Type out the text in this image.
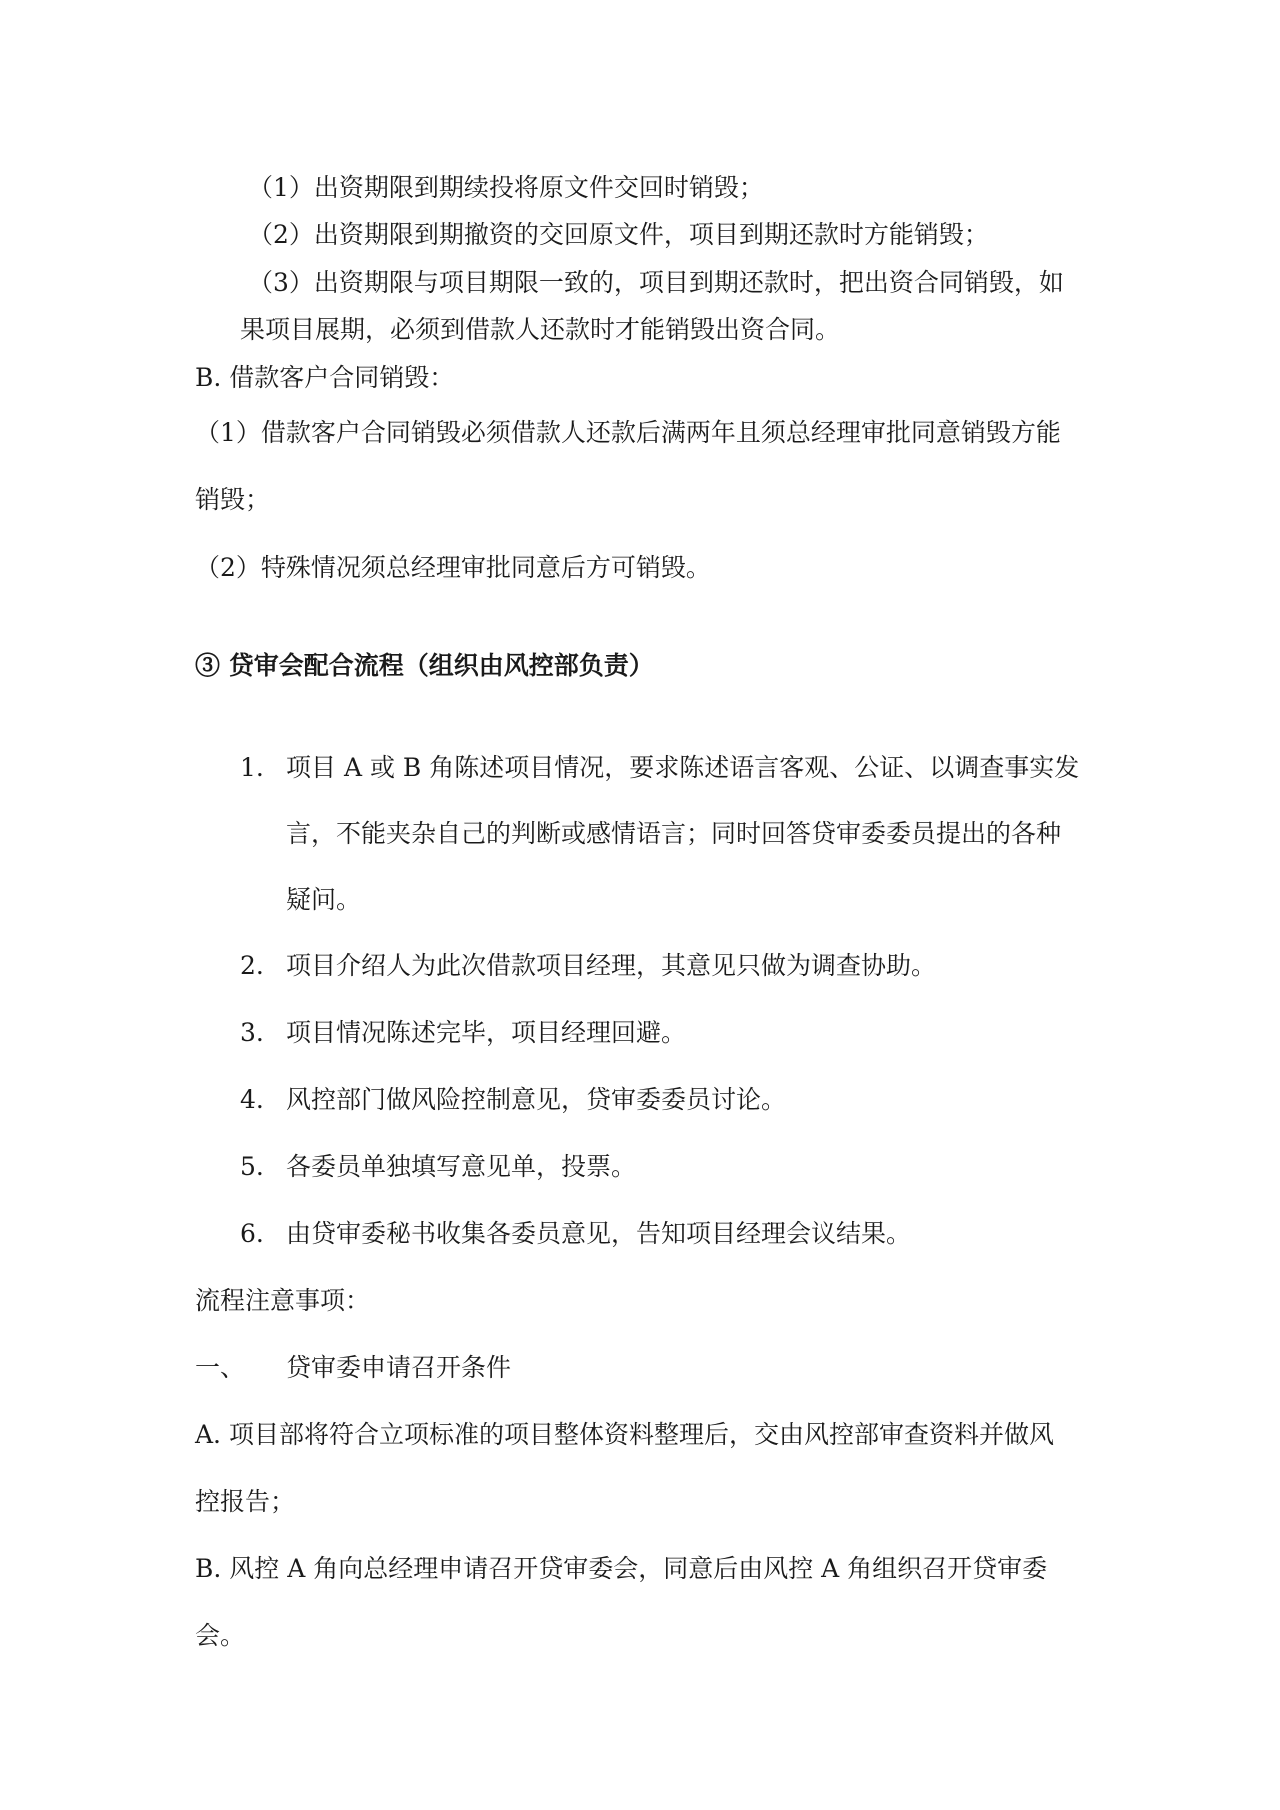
（1）出资期限到期续投将原文件交回时销毁；
（2）出资期限到期撤资的交回原文件，项目到期还款时方能销毁；
（3）出资期限与项目期限一致的，项目到期还款时，把出资合同销毁，如
果项目展期，必须到借款人还款时才能销毁出资合同。
B. 借款客户合同销毁：
（1）借款客户合同销毁必须借款人还款后满两年且须总经理审批同意销毁方能
销毁；
（2）特殊情况须总经理审批同意后方可销毁。
③ 贷审会配合流程（组织由风控部负责）
1. 项目 A 或 B 角陈述项目情况，要求陈述语言客观、公证、以调查事实发
言，不能夹杂自己的判断或感情语言；同时回答贷审委委员提出的各种
疑问。
2. 项目介绍人为此次借款项目经理，其意见只做为调查协助。
3. 项目情况陈述完毕，项目经理回避。
4. 风控部门做风险控制意见，贷审委委员讨论。
5. 各委员单独填写意见单，投票。
6. 由贷审委秘书收集各委员意见，告知项目经理会议结果。
流程注意事项：
一、 贷审委申请召开条件
A. 项目部将符合立项标准的项目整体资料整理后，交由风控部审查资料并做风
控报告；
B. 风控 A 角向总经理申请召开贷审委会，同意后由风控 A 角组织召开贷审委
会。
